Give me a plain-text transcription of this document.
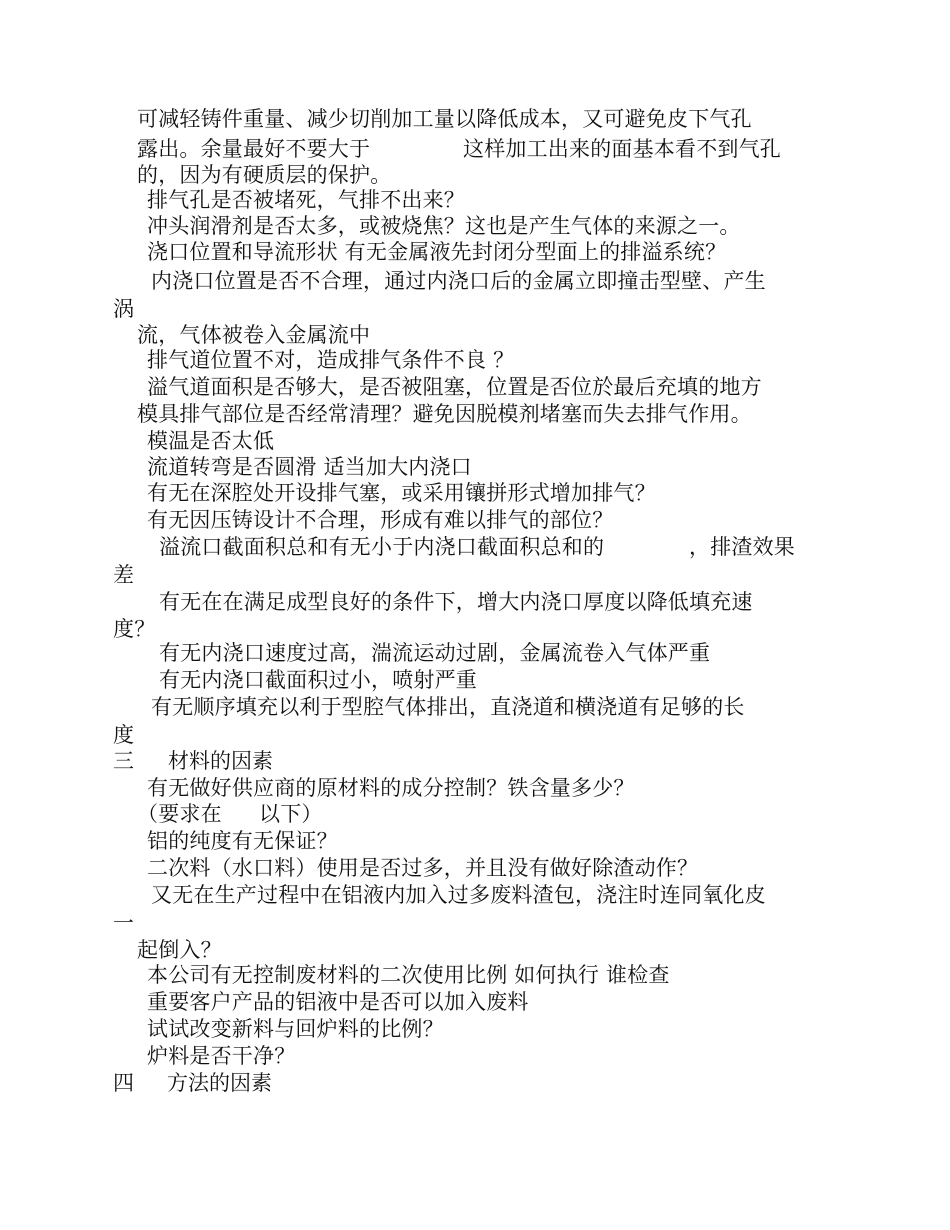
可减轻铸件重量、减少切削加工量以降低成本，又可避免皮下气孔
露出。余量最好不要大于	这样加工出来的面基本看不到气孔
的，因为有硬质层的保护。
排气孔是否被堵死，气排不出来？
冲头润滑剂是否太多，或被烧焦？这也是产生气体的来源之一。
浇口位置和导流形状 有无金属液先封闭分型面上的排溢系统？
内浇口位置是否不合理，通过内浇口后的金属立即撞击型壁、产生
涡
流，气体被卷入金属流中
排气道位置不对，造成排气条件不良 ？
溢气道面积是否够大，是否被阻塞，位置是否位於最后充填的地方
模具排气部位是否经常清理？避免因脱模剂堵塞而失去排气作用。
模温是否太低
流道转弯是否圆滑 适当加大内浇口
有无在深腔处开设排气塞，或采用镶拼形式增加排气？
有无因压铸设计不合理，形成有难以排气的部位？
溢流口截面积总和有无小于内浇口截面积总和的	，排渣效果
差
有无在在满足成型良好的条件下，增大内浇口厚度以降低填充速
度？
有无内浇口速度过高，湍流运动过剧，金属流卷入气体严重
有无内浇口截面积过小，喷射严重
有无顺序填充以利于型腔气体排出，直浇道和横浇道有足够的长
度
三 材料的因素
有无做好供应商的原材料的成分控制？铁含量多少？
（要求在 以下）
铝的纯度有无保证？
二次料（水口料）使用是否过多，并且没有做好除渣动作？
又无在生产过程中在铝液内加入过多废料渣包，浇注时连同氧化皮
一
起倒入？
本公司有无控制废材料的二次使用比例 如何执行 谁检查
重要客户产品的铝液中是否可以加入废料
试试改变新料与回炉料的比例？
炉料是否干净？
四 方法的因素
